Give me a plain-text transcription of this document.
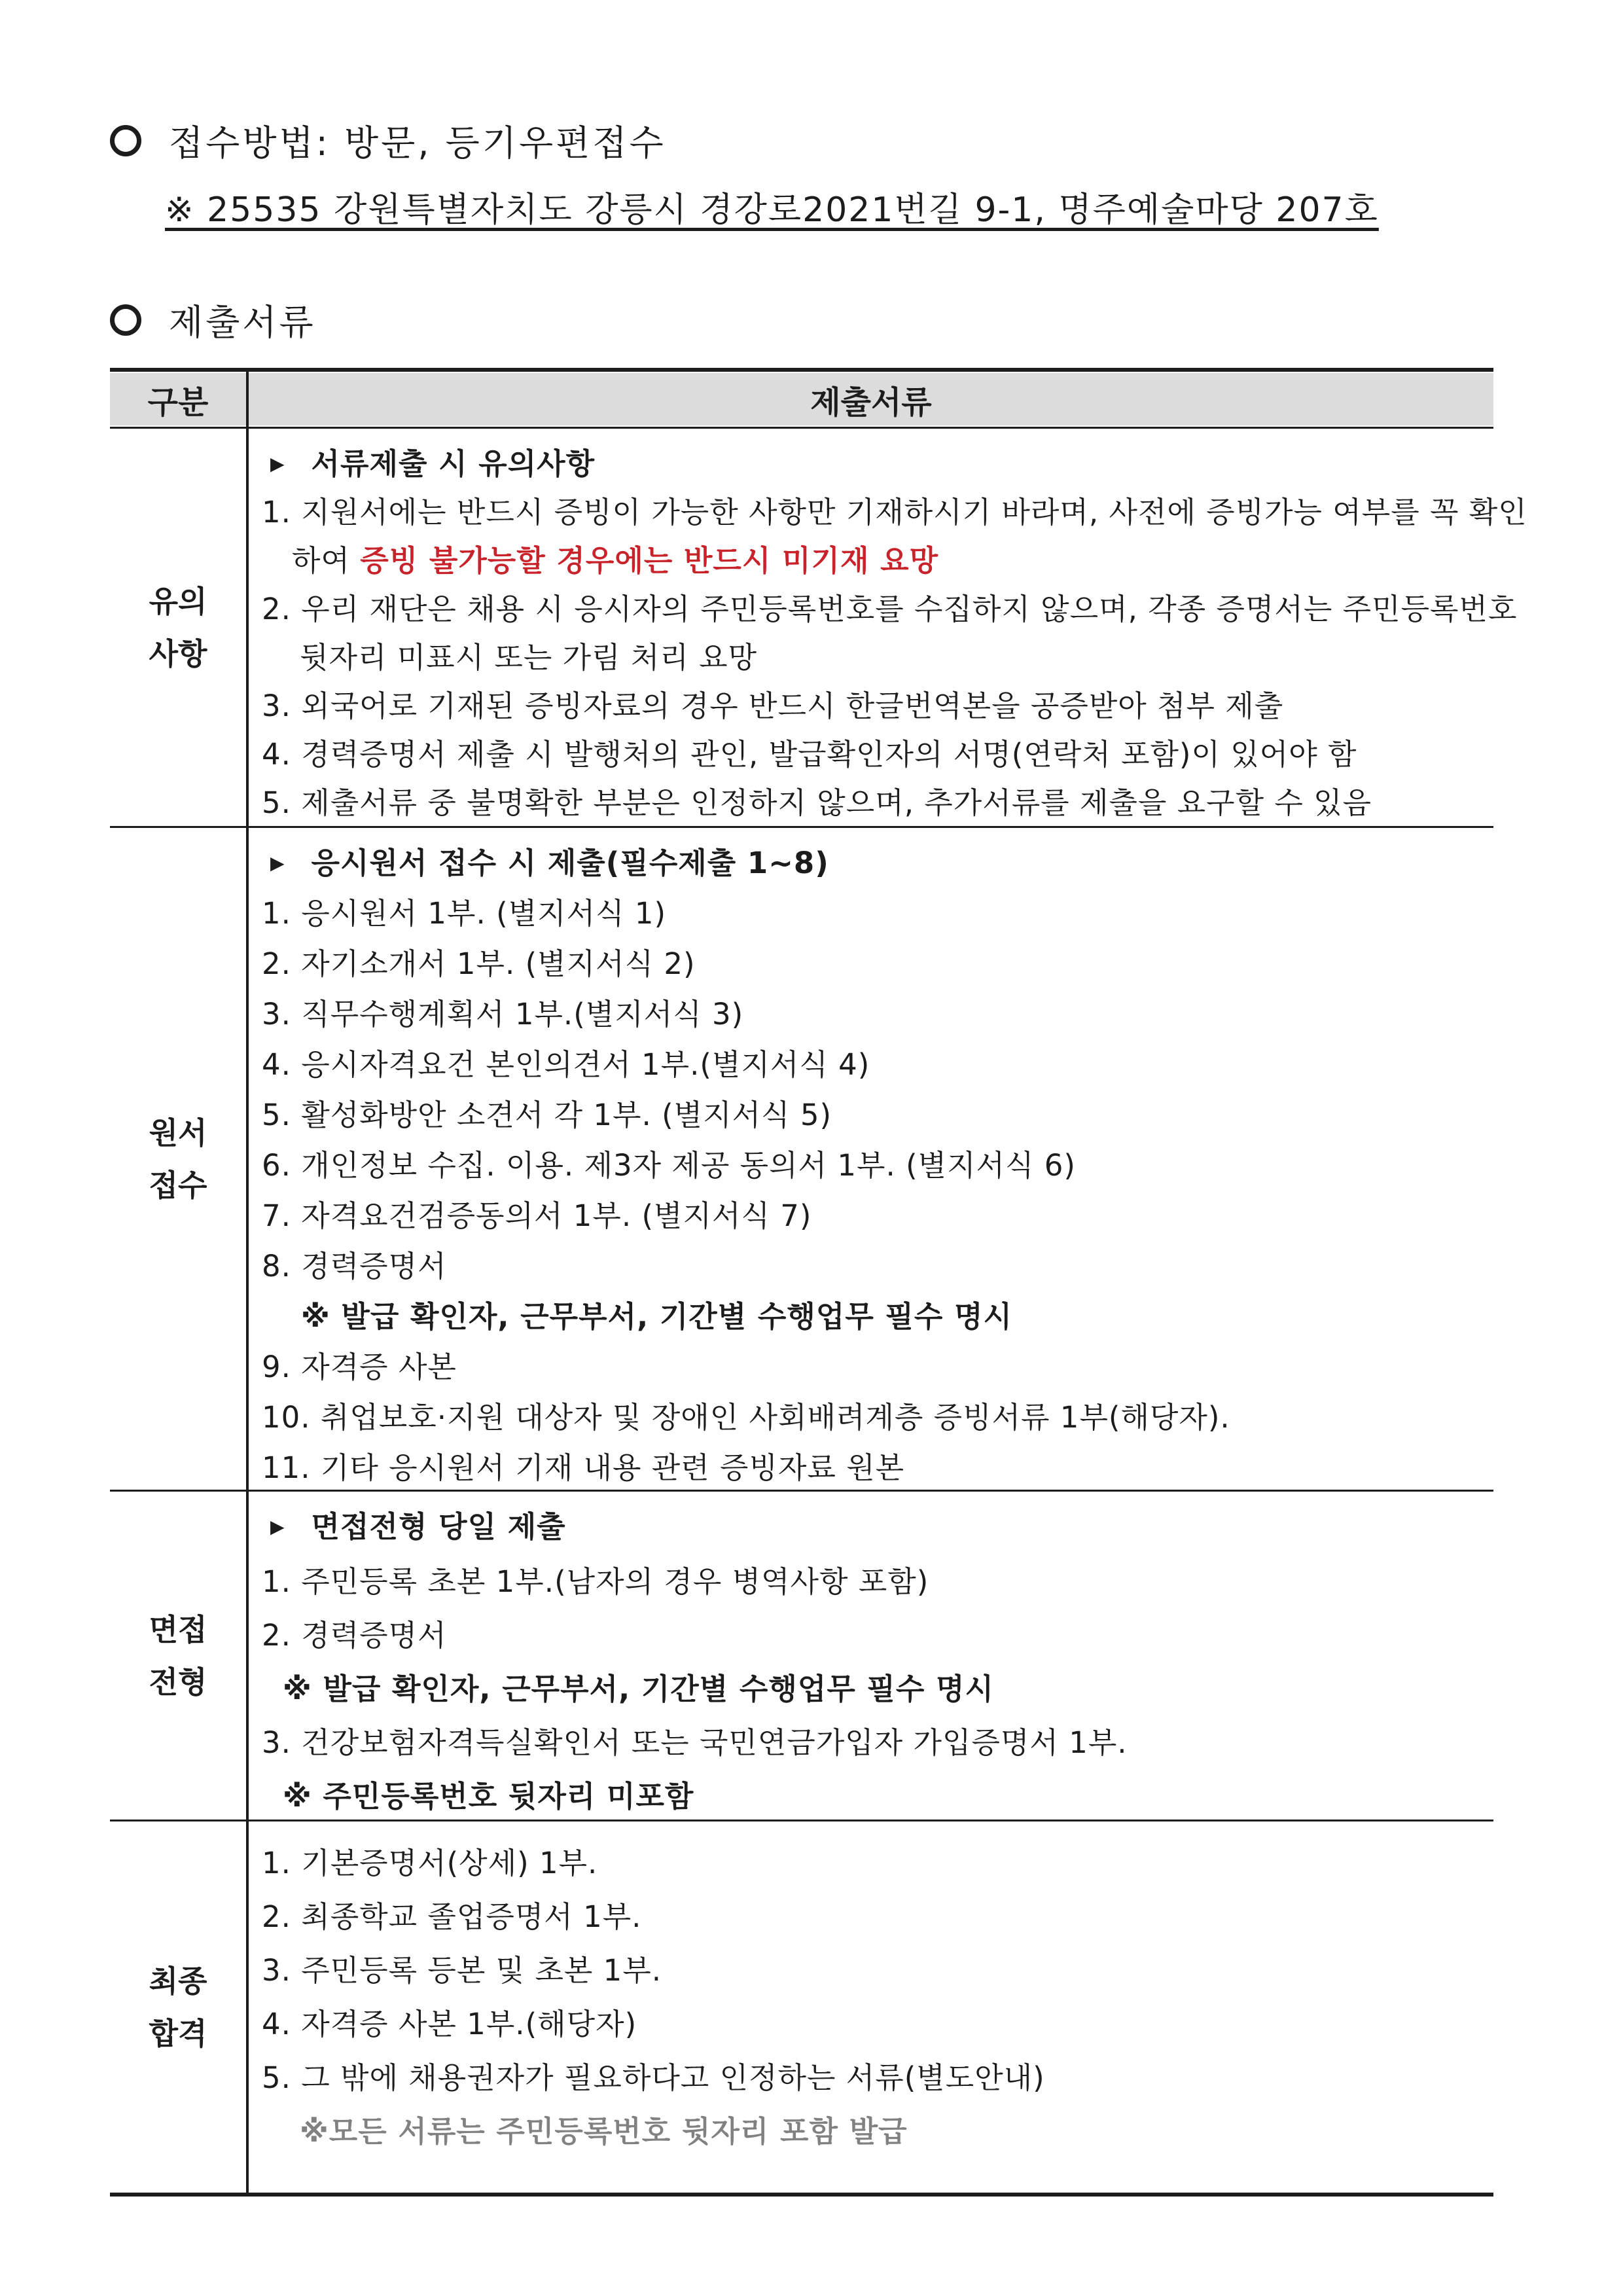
접수방법: 방문, 등기우편접수
※ 25535 강원특별자치도 강릉시 경강로2021번길 9-1, 명주예술마당 207호
제출서류
구분	제출서류
유의
사항
▶ 서류제출 시 유의사항
1. 지원서에는 반드시 증빙이 가능한 사항만 기재하시기 바라며, 사전에 증빙가능 여부를 꼭 확인
하여 증빙 불가능할 경우에는 반드시 미기재 요망
2. 우리 재단은 채용 시 응시자의 주민등록번호를 수집하지 않으며, 각종 증명서는 주민등록번호
뒷자리 미표시 또는 가림 처리 요망
3. 외국어로 기재된 증빙자료의 경우 반드시 한글번역본을 공증받아 첨부 제출
4. 경력증명서 제출 시 발행처의 관인, 발급확인자의 서명(연락처 포함)이 있어야 함
5. 제출서류 중 불명확한 부분은 인정하지 않으며, 추가서류를 제출을 요구할 수 있음
원서
접수
▶ 응시원서 접수 시 제출(필수제출 1~8)
1. 응시원서 1부. (별지서식 1)
2. 자기소개서 1부. (별지서식 2)
3. 직무수행계획서 1부.(별지서식 3)
4. 응시자격요건 본인의견서 1부.(별지서식 4)
5. 활성화방안 소견서 각 1부. (별지서식 5)
6. 개인정보 수집. 이용. 제3자 제공 동의서 1부. (별지서식 6)
7. 자격요건검증동의서 1부. (별지서식 7)
8. 경력증명서
※ 발급 확인자, 근무부서, 기간별 수행업무 필수 명시
9. 자격증 사본
10. 취업보호·지원 대상자 및 장애인 사회배려계층 증빙서류 1부(해당자).
11. 기타 응시원서 기재 내용 관련 증빙자료 원본
면접
전형
▶ 면접전형 당일 제출
1. 주민등록 초본 1부.(남자의 경우 병역사항 포함)
2. 경력증명서
※ 발급 확인자, 근무부서, 기간별 수행업무 필수 명시
3. 건강보험자격득실확인서 또는 국민연금가입자 가입증명서 1부.
※ 주민등록번호 뒷자리 미포함
최종
합격
1. 기본증명서(상세) 1부.
2. 최종학교 졸업증명서 1부.
3. 주민등록 등본 및 초본 1부.
4. 자격증 사본 1부.(해당자)
5. 그 밖에 채용권자가 필요하다고 인정하는 서류(별도안내)
※모든 서류는 주민등록번호 뒷자리 포함 발급
